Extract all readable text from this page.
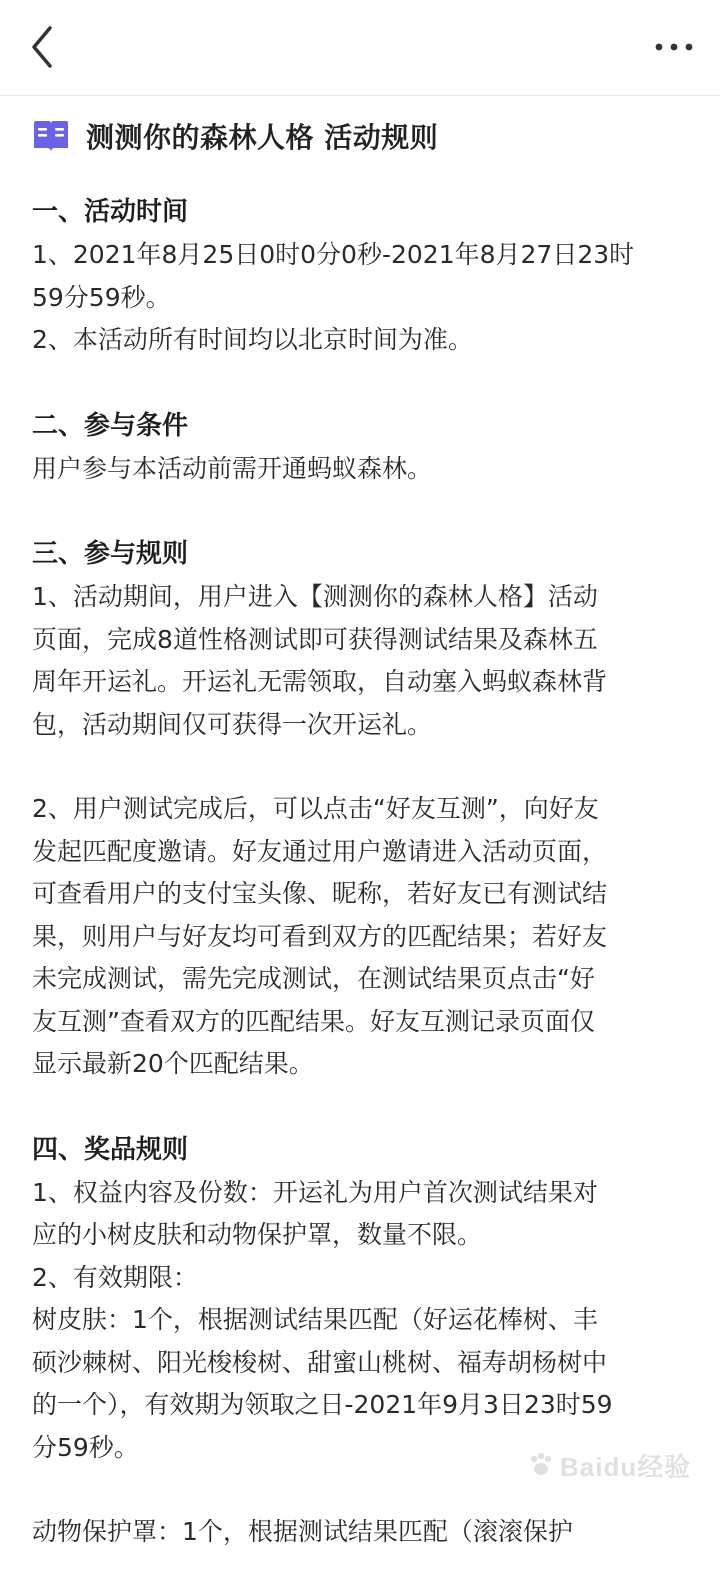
测测你的森林人格 活动规则
一、活动时间
1、2021年8月25日0时0分0秒-2021年8月27日23时
59分59秒。
2、本活动所有时间均以北京时间为准。
二、参与条件
用户参与本活动前需开通蚂蚁森林。
三、参与规则
1、活动期间，用户进入【测测你的森林人格】活动
页面，完成8道性格测试即可获得测试结果及森林五
周年开运礼。开运礼无需领取，自动塞入蚂蚁森林背
包，活动期间仅可获得一次开运礼。
2、用户测试完成后，可以点击“好友互测”，向好友
发起匹配度邀请。好友通过用户邀请进入活动页面，
可查看用户的支付宝头像、昵称，若好友已有测试结
果，则用户与好友均可看到双方的匹配结果；若好友
未完成测试，需先完成测试，在测试结果页点击“好
友互测”查看双方的匹配结果。好友互测记录页面仅
显示最新20个匹配结果。
四、奖品规则
1、权益内容及份数：开运礼为用户首次测试结果对
应的小树皮肤和动物保护罩，数量不限。
2、有效期限：
树皮肤：1个，根据测试结果匹配（好运花棒树、丰
硕沙棘树、阳光梭梭树、甜蜜山桃树、福寿胡杨树中
的一个），有效期为领取之日-2021年9月3日23时59
分59秒。
动物保护罩：1个，根据测试结果匹配（滚滚保护
Baidu经验
